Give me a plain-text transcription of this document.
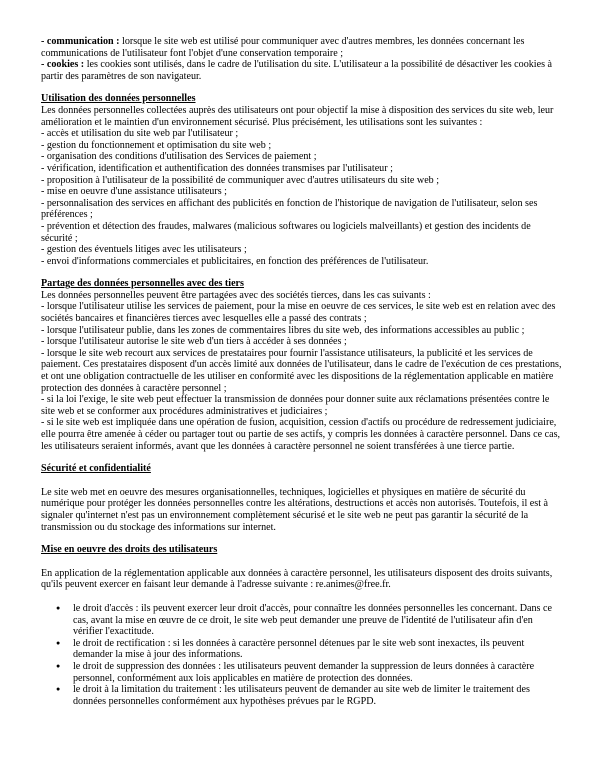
- communication : lorsque le site web est utilisé pour communiquer avec d'autres membres, les données concernant les communications de l'utilisateur font l'objet d'une conservation temporaire ;

- cookies : les cookies sont utilisés, dans le cadre de l'utilisation du site. L'utilisateur a la possibilité de désactiver les cookies à partir des paramètres de son navigateur.

Utilisation des données personnelles

Les données personnelles collectées auprès des utilisateurs ont pour objectif la mise à disposition des services du site web, leur amélioration et le maintien d'un environnement sécurisé. Plus précisément, les utilisations sont les suivantes :

- accès et utilisation du site web par l'utilisateur ;

- gestion du fonctionnement et optimisation du site web ;

- organisation des conditions d'utilisation des Services de paiement ;

- vérification, identification et authentification des données transmises par l'utilisateur ;

- proposition à l'utilisateur de la possibilité de communiquer avec d'autres utilisateurs du site web ;

- mise en oeuvre d'une assistance utilisateurs ;

- personnalisation des services en affichant des publicités en fonction de l'historique de navigation de l'utilisateur, selon ses préférences ;

- prévention et détection des fraudes, malwares (malicious softwares ou logiciels malveillants) et gestion des incidents de sécurité ;

- gestion des éventuels litiges avec les utilisateurs ;

- envoi d'informations commerciales et publicitaires, en fonction des préférences de l'utilisateur.

Partage des données personnelles avec des tiers

Les données personnelles peuvent être partagées avec des sociétés tierces, dans les cas suivants :

- lorsque l'utilisateur utilise les services de paiement, pour la mise en oeuvre de ces services, le site web est en relation avec des sociétés bancaires et financières tierces avec lesquelles elle a passé des contrats ;

- lorsque l'utilisateur publie, dans les zones de commentaires libres du site web, des informations accessibles au public ;

- lorsque l'utilisateur autorise le site web d'un tiers à accéder à ses données ;

- lorsque le site web recourt aux services de prestataires pour fournir l'assistance utilisateurs, la publicité et les services de paiement. Ces prestataires disposent d'un accès limité aux données de l'utilisateur, dans le cadre de l'exécution de ces prestations, et ont une obligation contractuelle de les utiliser en conformité avec les dispositions de la réglementation applicable en matière protection des données à caractère personnel ;

- si la loi l'exige, le site web peut effectuer la transmission de données pour donner suite aux réclamations présentées contre le site web et se conformer aux procédures administratives et judiciaires ;

- si le site web est impliquée dans une opération de fusion, acquisition, cession d'actifs ou procédure de redressement judiciaire, elle pourra être amenée à céder ou partager tout ou partie de ses actifs, y compris les données à caractère personnel. Dans ce cas, les utilisateurs seraient informés, avant que les données à caractère personnel ne soient transférées à une tierce partie.

Sécurité et confidentialité

Le site web met en oeuvre des mesures organisationnelles, techniques, logicielles et physiques en matière de sécurité du numérique pour protéger les données personnelles contre les altérations, destructions et accès non autorisés. Toutefois, il est à signaler qu'internet n'est pas un environnement complètement sécurisé et le site web ne peut pas garantir la sécurité de la transmission ou du stockage des informations sur internet.

Mise en oeuvre des droits des utilisateurs

En application de la réglementation applicable aux données à caractère personnel, les utilisateurs disposent des droits suivants, qu'ils peuvent exercer en faisant leur demande à l'adresse suivante : re.animes@free.fr.

● le droit d'accès : ils peuvent exercer leur droit d'accès, pour connaître les données personnelles les concernant. Dans ce cas, avant la mise en œuvre de ce droit, le site web peut demander une preuve de l'identité de l'utilisateur afin d'en vérifier l'exactitude.
● le droit de rectification : si les données à caractère personnel détenues par le site web sont inexactes, ils peuvent demander la mise à jour des informations.
● le droit de suppression des données : les utilisateurs peuvent demander la suppression de leurs données à caractère personnel, conformément aux lois applicables en matière de protection des données.
● le droit à la limitation du traitement : les utilisateurs peuvent de demander au site web de limiter le traitement des données personnelles conformément aux hypothèses prévues par le RGPD.
